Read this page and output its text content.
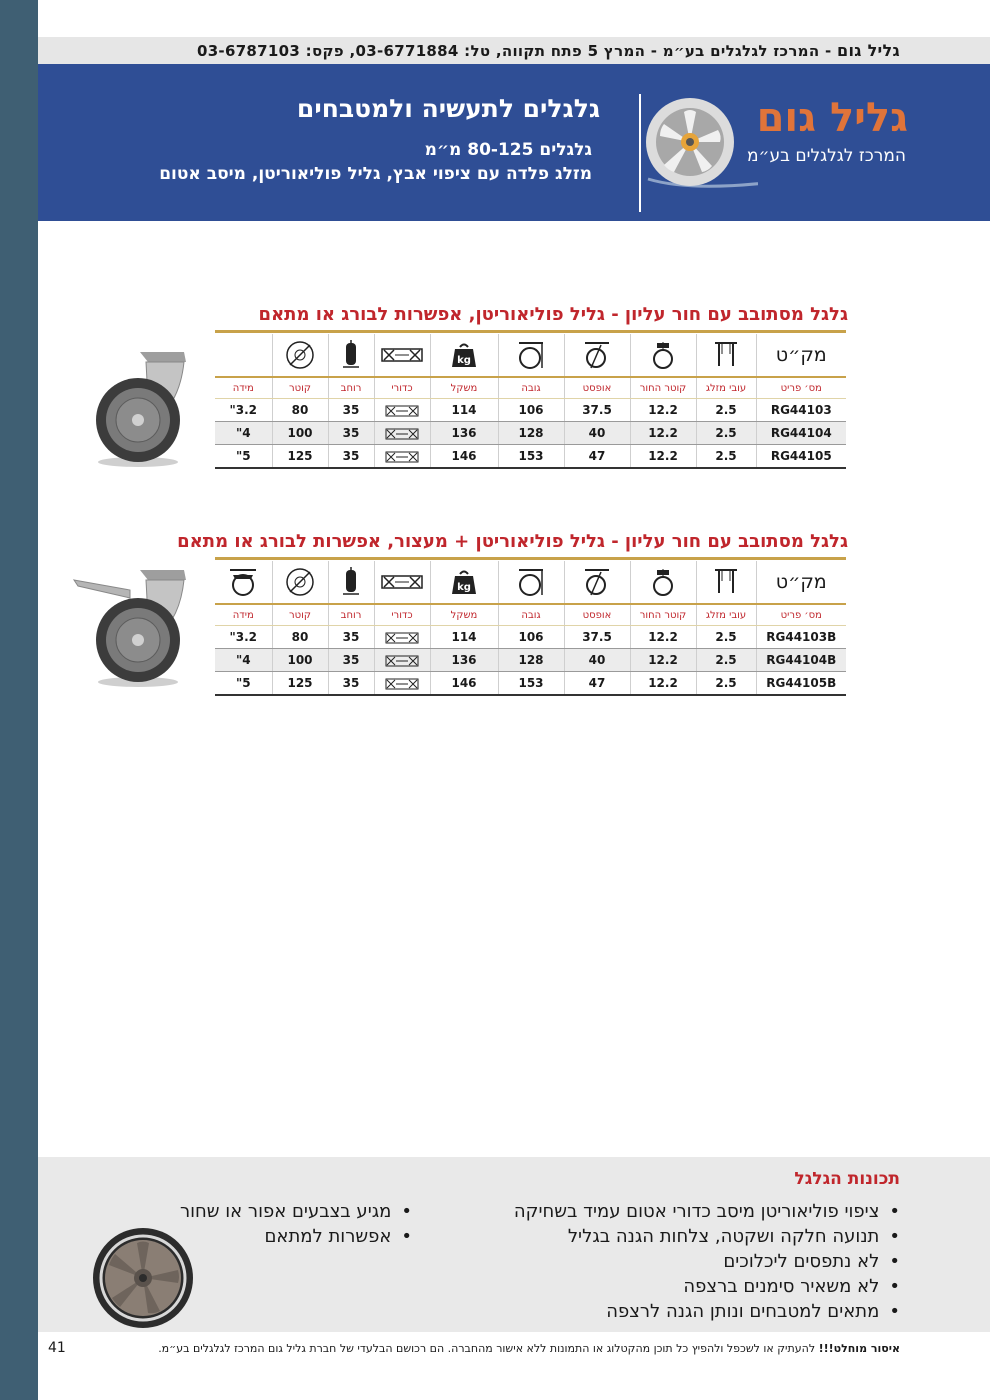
גליל גום - המרכז לגלגלים בע״מ - המרץ 5 פתח תקווה, טל: 03-6771884, פקס: 03-6787103
גליל גום
המרכז לגלגלים בע״מ
גלגלים לתעשיה ולמטבחים
גלגלים 80-125 מ״מ
מזלג פלדה עם ציפוי אבץ, גליל פוליאוריטן, מיסב אטום
גלגל מסתובב עם חור עליון - גליל פוליאוריטן, אפשרות לבורג או מתאם
מק״ט					kg

מס׳ פריט	עובי מזלג	קוטר החור	אופסט	גובה	משקל	כדורי	רוחב	קוטר	מידה
RG44103	2.5	12.2	37.5	106	114		35	80	3.2"
RG44104	2.5	12.2	40	128	136		35	100	4"
RG44105	2.5	12.2	47	153	146		35	125	5"
גלגל מסתובב עם חור עליון - גליל פוליאוריטן + מעצור, אפשרות לבורג או מתאם
מק״ט					kg

מס׳ פריט	עובי מזלג	קוטר החור	אופסט	גובה	משקל	כדורי	רוחב	קוטר	מידה
RG44103B	2.5	12.2	37.5	106	114		35	80	3.2"
RG44104B	2.5	12.2	40	128	136		35	100	4"
RG44105B	2.5	12.2	47	153	146		35	125	5"
תכונות הגלגל
• ציפוי פוליאוריטן מיסב כדורי אטום עמיד בשחיקה
• תנועה חלקה ושקטה, צלחות הגנה בגליל
• לא נתפסים ליכלוכים
• לא משאיר סימנים ברצפה
• מתאים למטבחים ונותן הגנה לרצפה
• מגיע בצבעים אפור או שחור
• אפשרות למתאם
איסור מוחלט!!! להעתיק או לשכפל ולהפיץ כל תוכן מהקטלוג או התמונות ללא אישור מהחברה. הם רכושם הבלעדי של חברת גליל גום המרכז לגלגלים בע״מ.
41
